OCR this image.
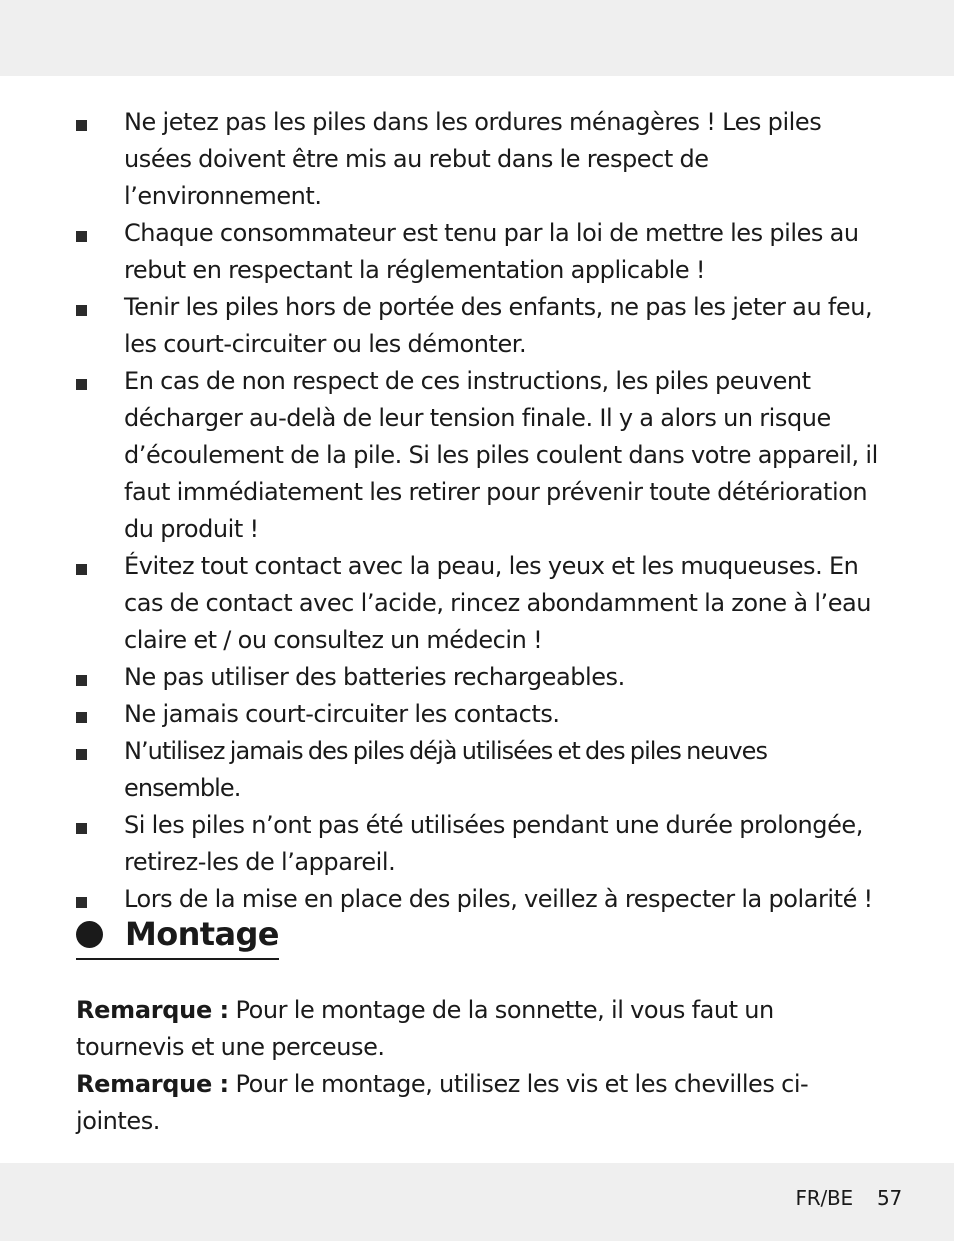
Ne jetez pas les piles dans les ordures ménagères ! Les piles usées doivent être mis au rebut dans le respect de l’environnement.
Chaque consommateur est tenu par la loi de mettre les piles au rebut en respectant la réglementation applicable !
Tenir les piles hors de portée des enfants, ne pas les jeter au feu, les court-circuiter ou les démonter.
En cas de non respect de ces instructions, les piles peuvent décharger au-delà de leur tension finale. Il y a alors un risque d’écoulement de la pile. Si les piles coulent dans votre appareil, il faut immédiatement les retirer pour prévenir toute détérioration du produit !
Évitez tout contact avec la peau, les yeux et les muqueuses. En cas de contact avec l’acide, rincez abondamment la zone à l’eau claire et / ou consultez un médecin !
Ne pas utiliser des batteries rechargeables.
Ne jamais court-circuiter les contacts.
N’utilisez jamais des piles déjà utilisées et des piles neuves ensemble.
Si les piles n’ont pas été utilisées pendant une durée prolongée, retirez-les de l’appareil.
Lors de la mise en place des piles, veillez à respecter la polarité !
Montage

Remarque : Pour le montage de la sonnette, il vous faut un tournevis et une perceuse.

Remarque : Pour le montage, utilisez les vis et les chevilles ci-jointes.

FR/BE 57
